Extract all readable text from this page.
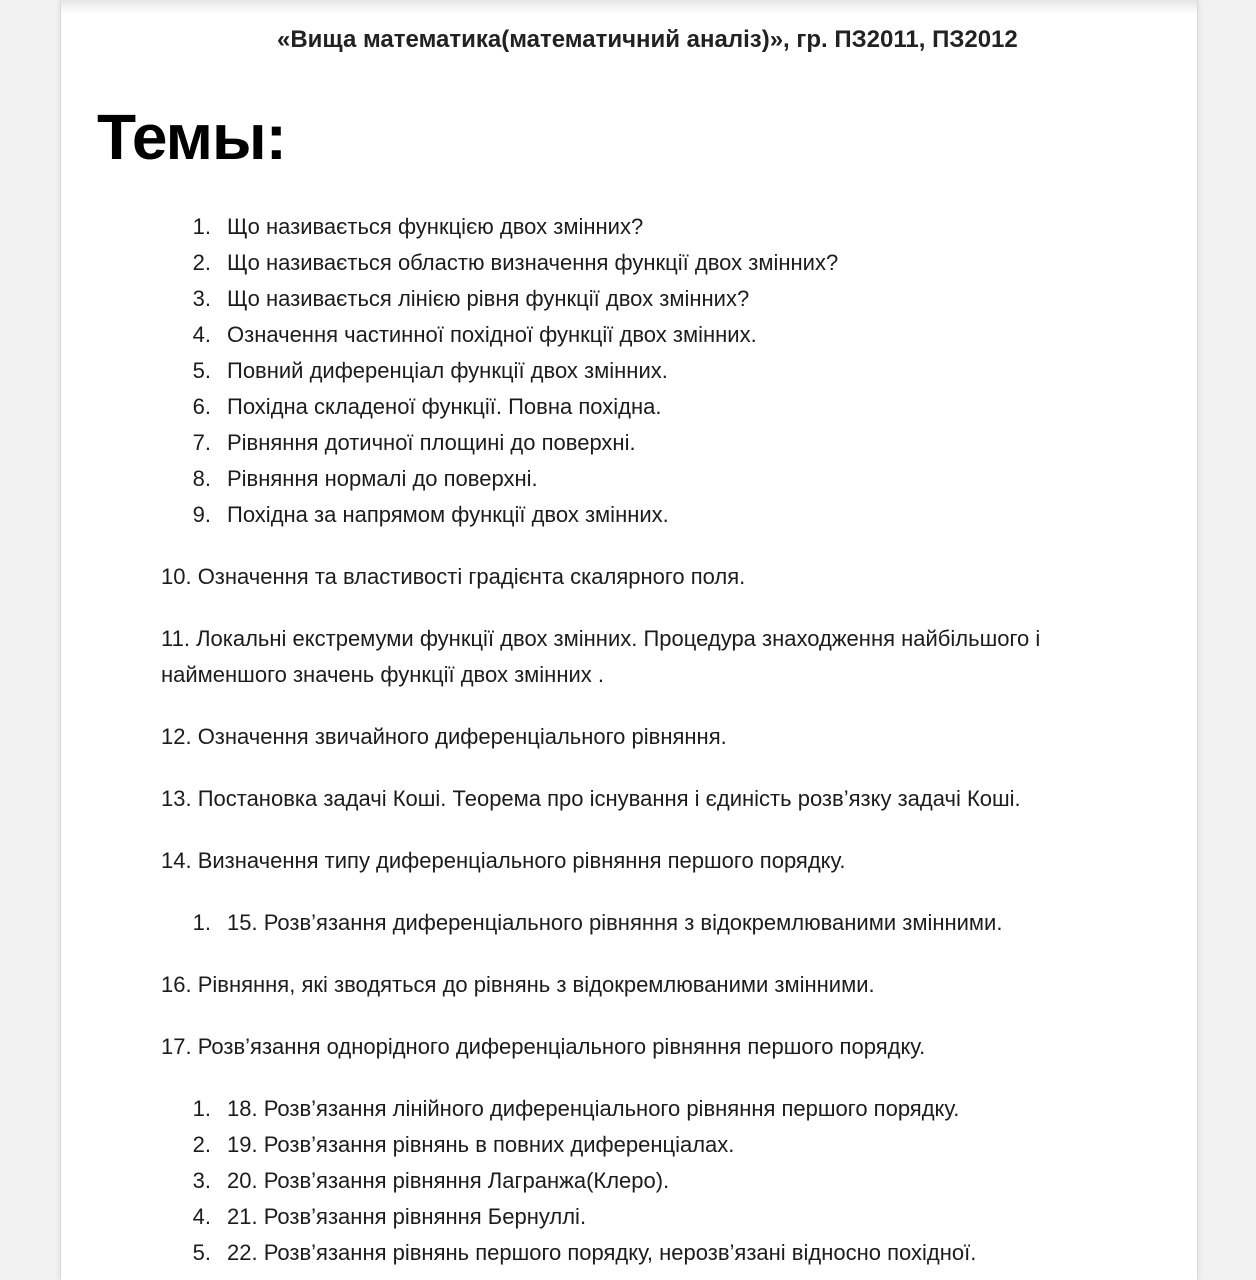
«Вища математика(математичний аналіз)», гр. ПЗ2011, ПЗ2012
Темы:
1. Що називається функцією двох змінних?
2. Що називається област​ю визначення функції двох змінних?
3. Що називається лінією рівня функції двох змінних?
4. Означення частинної похідної функції двох змінних.
5. Повний диференціал функції двох змінних.
6. Похідна складеної функції. Повна похідна.
7. Рівняння дотичної площині до поверхні.
8. Рівняння нормалі до поверхні.
9. Похідна за напрямом функції двох змінних.
10. Означення та властивості градієнта скалярного поля.
11. Локальні екстремуми функції двох змінних. Процедура знаходження найбільшого і
найменшого значень функції двох змінних .
12. Означення звичайного диференціального рівняння.
13. Постановка задачі Коші. Теорема про існування і єдиність розв’язку задачі Коші.
14. Визначення типу диференціального рівняння першого порядку.
1. 15. Розв’язання диференціального рівняння з відокремлюваними змінними.
16. Рівняння, які зводяться до рівнянь з відокремлюваними змінними.
17. Розв’язання однорідного диференціального рівняння першого порядку.
1. 18. Розв’язання лінійного диференціального рівняння першого порядку.
2. 19. Розв’язання рівнянь в повних диференціалах.
3. 20. Розв’язання рівняння Лагранжа(Клеро).
4. 21. Розв’язання рівняння Бернуллі.
5. 22. Розв’язання рівнянь першого порядку, нерозв’язані відносно похідної.
